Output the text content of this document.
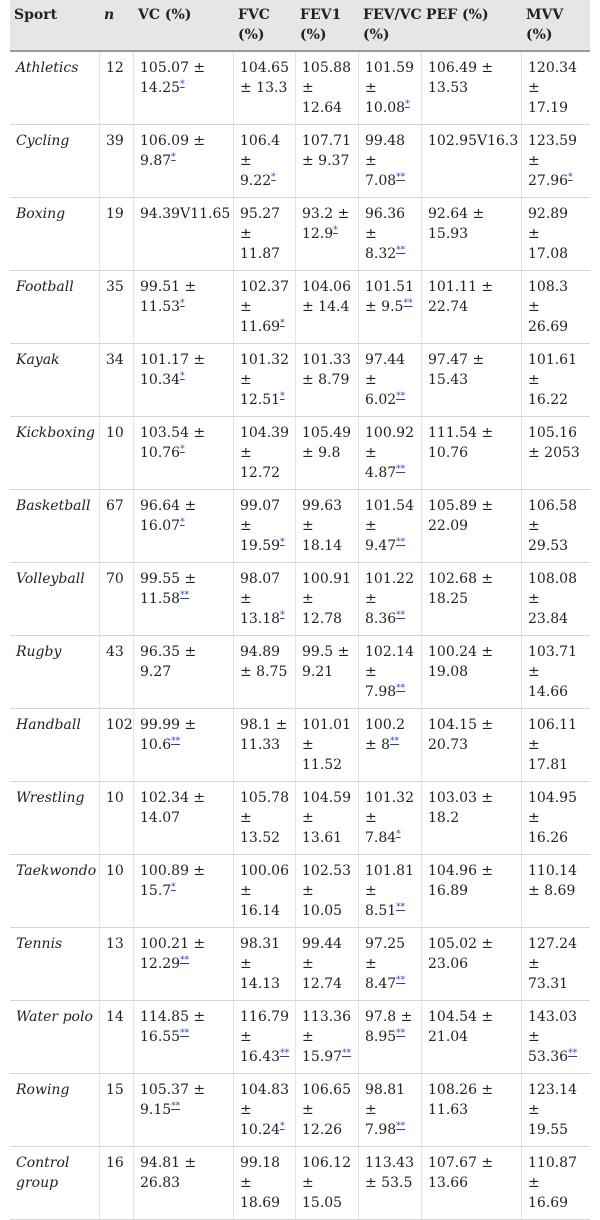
Sport	n	VC (%)	FVC (%)	FEV1 (%)	FEV/VC (%)	PEF (%)	MVV (%)
Athletics	12	105.07 ± 14.25*	104.65 ± 13.3	105.88 ± 12.64	101.59 ± 10.08*	106.49 ± 13.53	120.34 ± 17.19
Cycling	39	106.09 ± 9.87*	106.4 ± 9.22*	107.71 ± 9.37	99.48 ± 7.08**	102.95V16.3	123.59 ± 27.96*
Boxing	19	94.39V11.65	95.27 ± 11.87	93.2 ± 12.9*	96.36 ± 8.32**	92.64 ± 15.93	92.89 ± 17.08
Football	35	99.51 ± 11.53*	102.37 ± 11.69*	104.06 ± 14.4	101.51 ± 9.5**	101.11 ± 22.74	108.3 ± 26.69
Kayak	34	101.17 ± 10.34*	101.32 ± 12.51*	101.33 ± 8.79	97.44 ± 6.02**	97.47 ± 15.43	101.61 ± 16.22
Kickboxing	10	103.54 ± 10.76*	104.39 ± 12.72	105.49 ± 9.8	100.92 ± 4.87**	111.54 ± 10.76	105.16 ± 2053
Basketball	67	96.64 ± 16.07*	99.07 ± 19.59*	99.63 ± 18.14	101.54 ± 9.47**	105.89 ± 22.09	106.58 ± 29.53
Volleyball	70	99.55 ± 11.58**	98.07 ± 13.18*	100.91 ± 12.78	101.22 ± 8.36**	102.68 ± 18.25	108.08 ± 23.84
Rugby	43	96.35 ± 9.27	94.89 ± 8.75	99.5 ± 9.21	102.14 ± 7.98**	100.24 ± 19.08	103.71 ± 14.66
Handball	102	99.99 ± 10.6**	98.1 ± 11.33	101.01 ± 11.52	100.2 ± 8**	104.15 ± 20.73	106.11 ± 17.81
Wrestling	10	102.34 ± 14.07	105.78 ± 13.52	104.59 ± 13.61	101.32 ± 7.84*	103.03 ± 18.2	104.95 ± 16.26
Taekwondo	10	100.89 ± 15.7*	100.06 ± 16.14	102.53 ± 10.05	101.81 ± 8.51**	104.96 ± 16.89	110.14 ± 8.69
Tennis	13	100.21 ± 12.29**	98.31 ± 14.13	99.44 ± 12.74	97.25 ± 8.47**	105.02 ± 23.06	127.24 ± 73.31
Water polo	14	114.85 ± 16.55**	116.79 ± 16.43**	113.36 ± 15.97**	97.8 ± 8.95**	104.54 ± 21.04	143.03 ± 53.36**
Rowing	15	105.37 ± 9.15**	104.83 ± 10.24*	106.65 ± 12.26	98.81 ± 7.98**	108.26 ± 11.63	123.14 ± 19.55
Control group	16	94.81 ± 26.83	99.18 ± 18.69	106.12 ± 15.05	113.43 ± 53.5	107.67 ± 13.66	110.87 ± 16.69
